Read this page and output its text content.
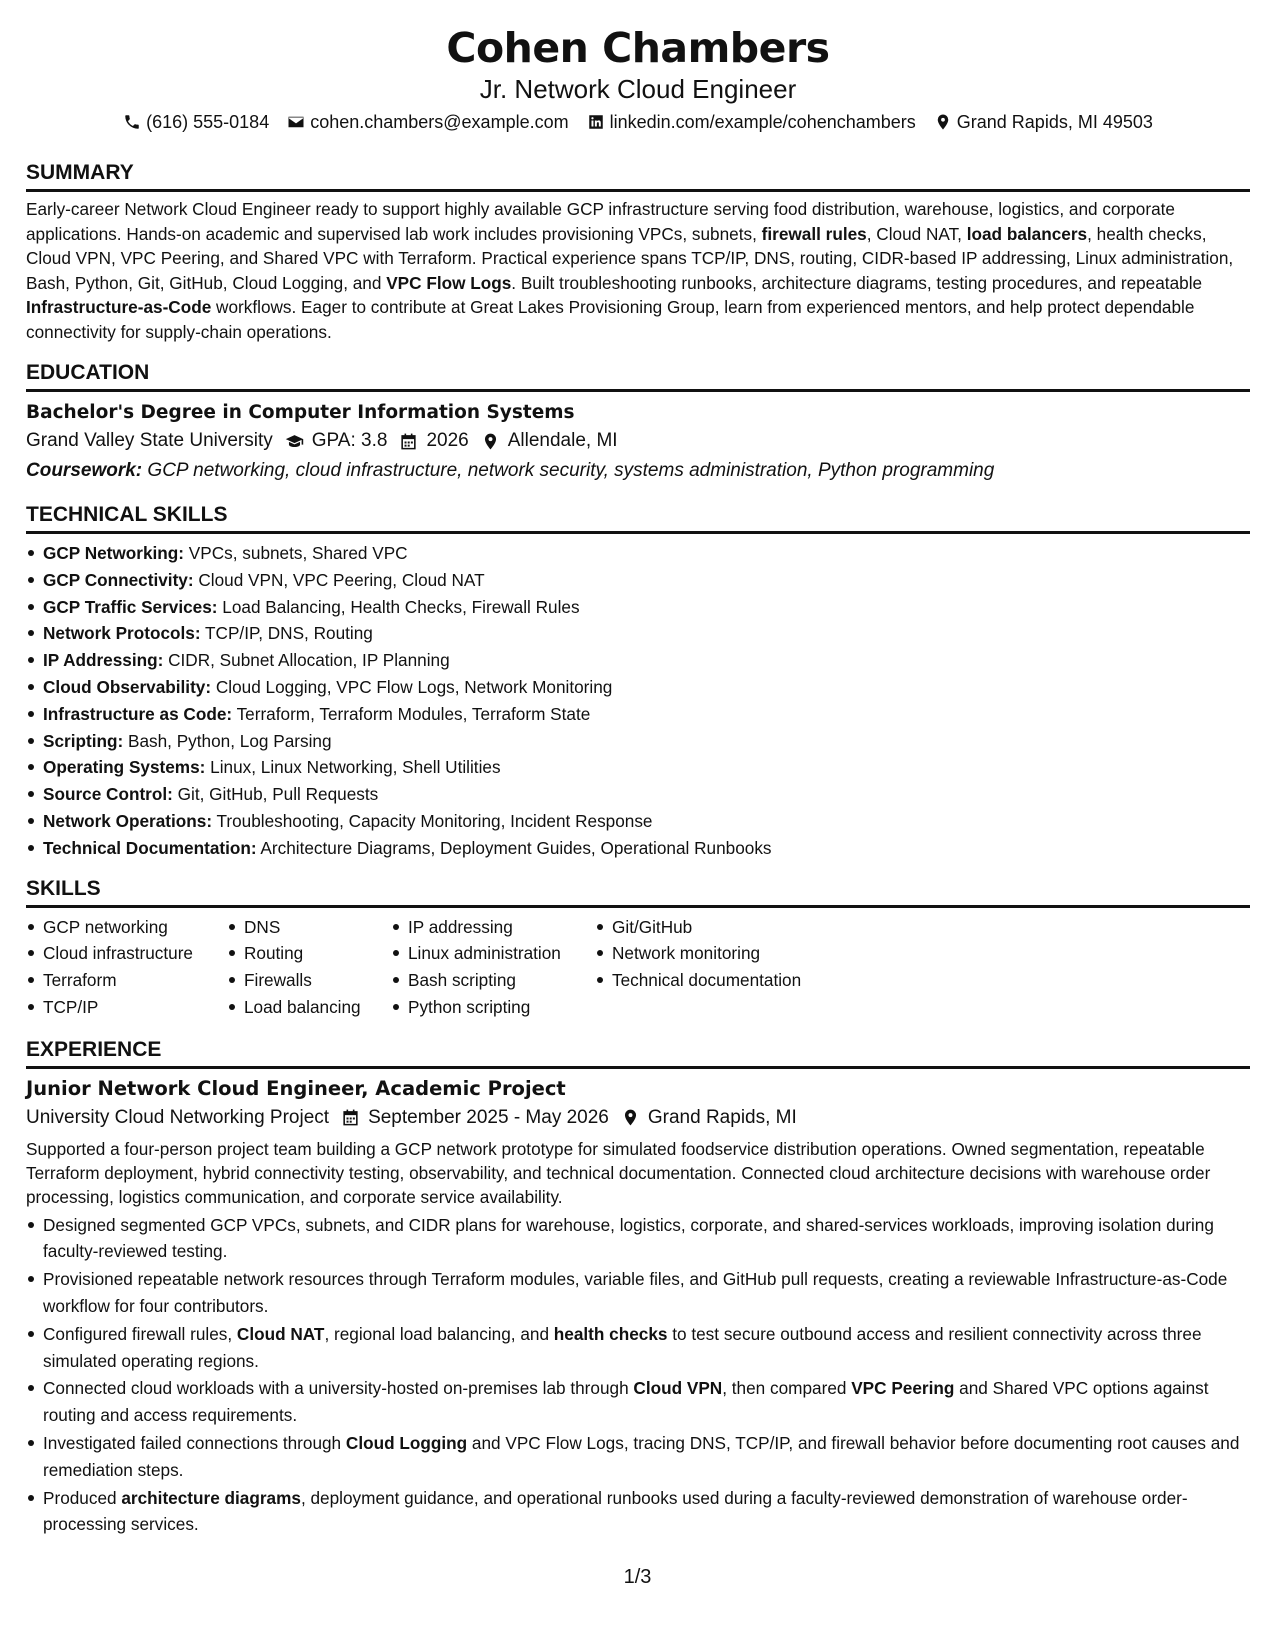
Cohen Chambers
Jr. Network Cloud Engineer
(616) 555-0184 cohen.chambers@example.com linkedin.com/example/cohenchambers Grand Rapids, MI 49503
SUMMARY

Early-career Network Cloud Engineer ready to support highly available GCP infrastructure serving food distribution, warehouse, logistics, and corporate applications. Hands-on academic and supervised lab work includes provisioning VPCs, subnets, firewall rules, Cloud NAT, load balancers, health checks, Cloud VPN, VPC Peering, and Shared VPC with Terraform. Practical experience spans TCP/IP, DNS, routing, CIDR-based IP addressing, Linux administration, Bash, Python, Git, GitHub, Cloud Logging, and VPC Flow Logs. Built troubleshooting runbooks, architecture diagrams, testing procedures, and repeatable Infrastructure-as-Code workflows. Eager to contribute at Great Lakes Provisioning Group, learn from experienced mentors, and help protect dependable connectivity for supply-chain operations.

EDUCATION
Bachelor's Degree in Computer Information Systems
Grand Valley State University GPA: 3.8 2026 Allendale, MI
Coursework: GCP networking, cloud infrastructure, network security, systems administration, Python programming
TECHNICAL SKILLS
GCP Networking: VPCs, subnets, Shared VPC
GCP Connectivity: Cloud VPN, VPC Peering, Cloud NAT
GCP Traffic Services: Load Balancing, Health Checks, Firewall Rules
Network Protocols: TCP/IP, DNS, Routing
IP Addressing: CIDR, Subnet Allocation, IP Planning
Cloud Observability: Cloud Logging, VPC Flow Logs, Network Monitoring
Infrastructure as Code: Terraform, Terraform Modules, Terraform State
Scripting: Bash, Python, Log Parsing
Operating Systems: Linux, Linux Networking, Shell Utilities
Source Control: Git, GitHub, Pull Requests
Network Operations: Troubleshooting, Capacity Monitoring, Incident Response
Technical Documentation: Architecture Diagrams, Deployment Guides, Operational Runbooks
SKILLS
GCP networking
Cloud infrastructure
Terraform
TCP/IP
DNS
Routing
Firewalls
Load balancing
IP addressing
Linux administration
Bash scripting
Python scripting
Git/GitHub
Network monitoring
Technical documentation
EXPERIENCE
Junior Network Cloud Engineer, Academic Project
University Cloud Networking Project September 2025 - May 2026 Grand Rapids, MI

Supported a four-person project team building a GCP network prototype for simulated foodservice distribution operations. Owned segmentation, repeatable Terraform deployment, hybrid connectivity testing, observability, and technical documentation. Connected cloud architecture decisions with warehouse order processing, logistics communication, and corporate service availability.

Designed segmented GCP VPCs, subnets, and CIDR plans for warehouse, logistics, corporate, and shared-services workloads, improving isolation during faculty-reviewed testing.
Provisioned repeatable network resources through Terraform modules, variable files, and GitHub pull requests, creating a reviewable Infrastructure-as-Code workflow for four contributors.
Configured firewall rules, Cloud NAT, regional load balancing, and health checks to test secure outbound access and resilient connectivity across three simulated operating regions.
Connected cloud workloads with a university-hosted on-premises lab through Cloud VPN, then compared VPC Peering and Shared VPC options against routing and access requirements.
Investigated failed connections through Cloud Logging and VPC Flow Logs, tracing DNS, TCP/IP, and firewall behavior before documenting root causes and remediation steps.
Produced architecture diagrams, deployment guidance, and operational runbooks used during a faculty-reviewed demonstration of warehouse order-processing services.
1/3
